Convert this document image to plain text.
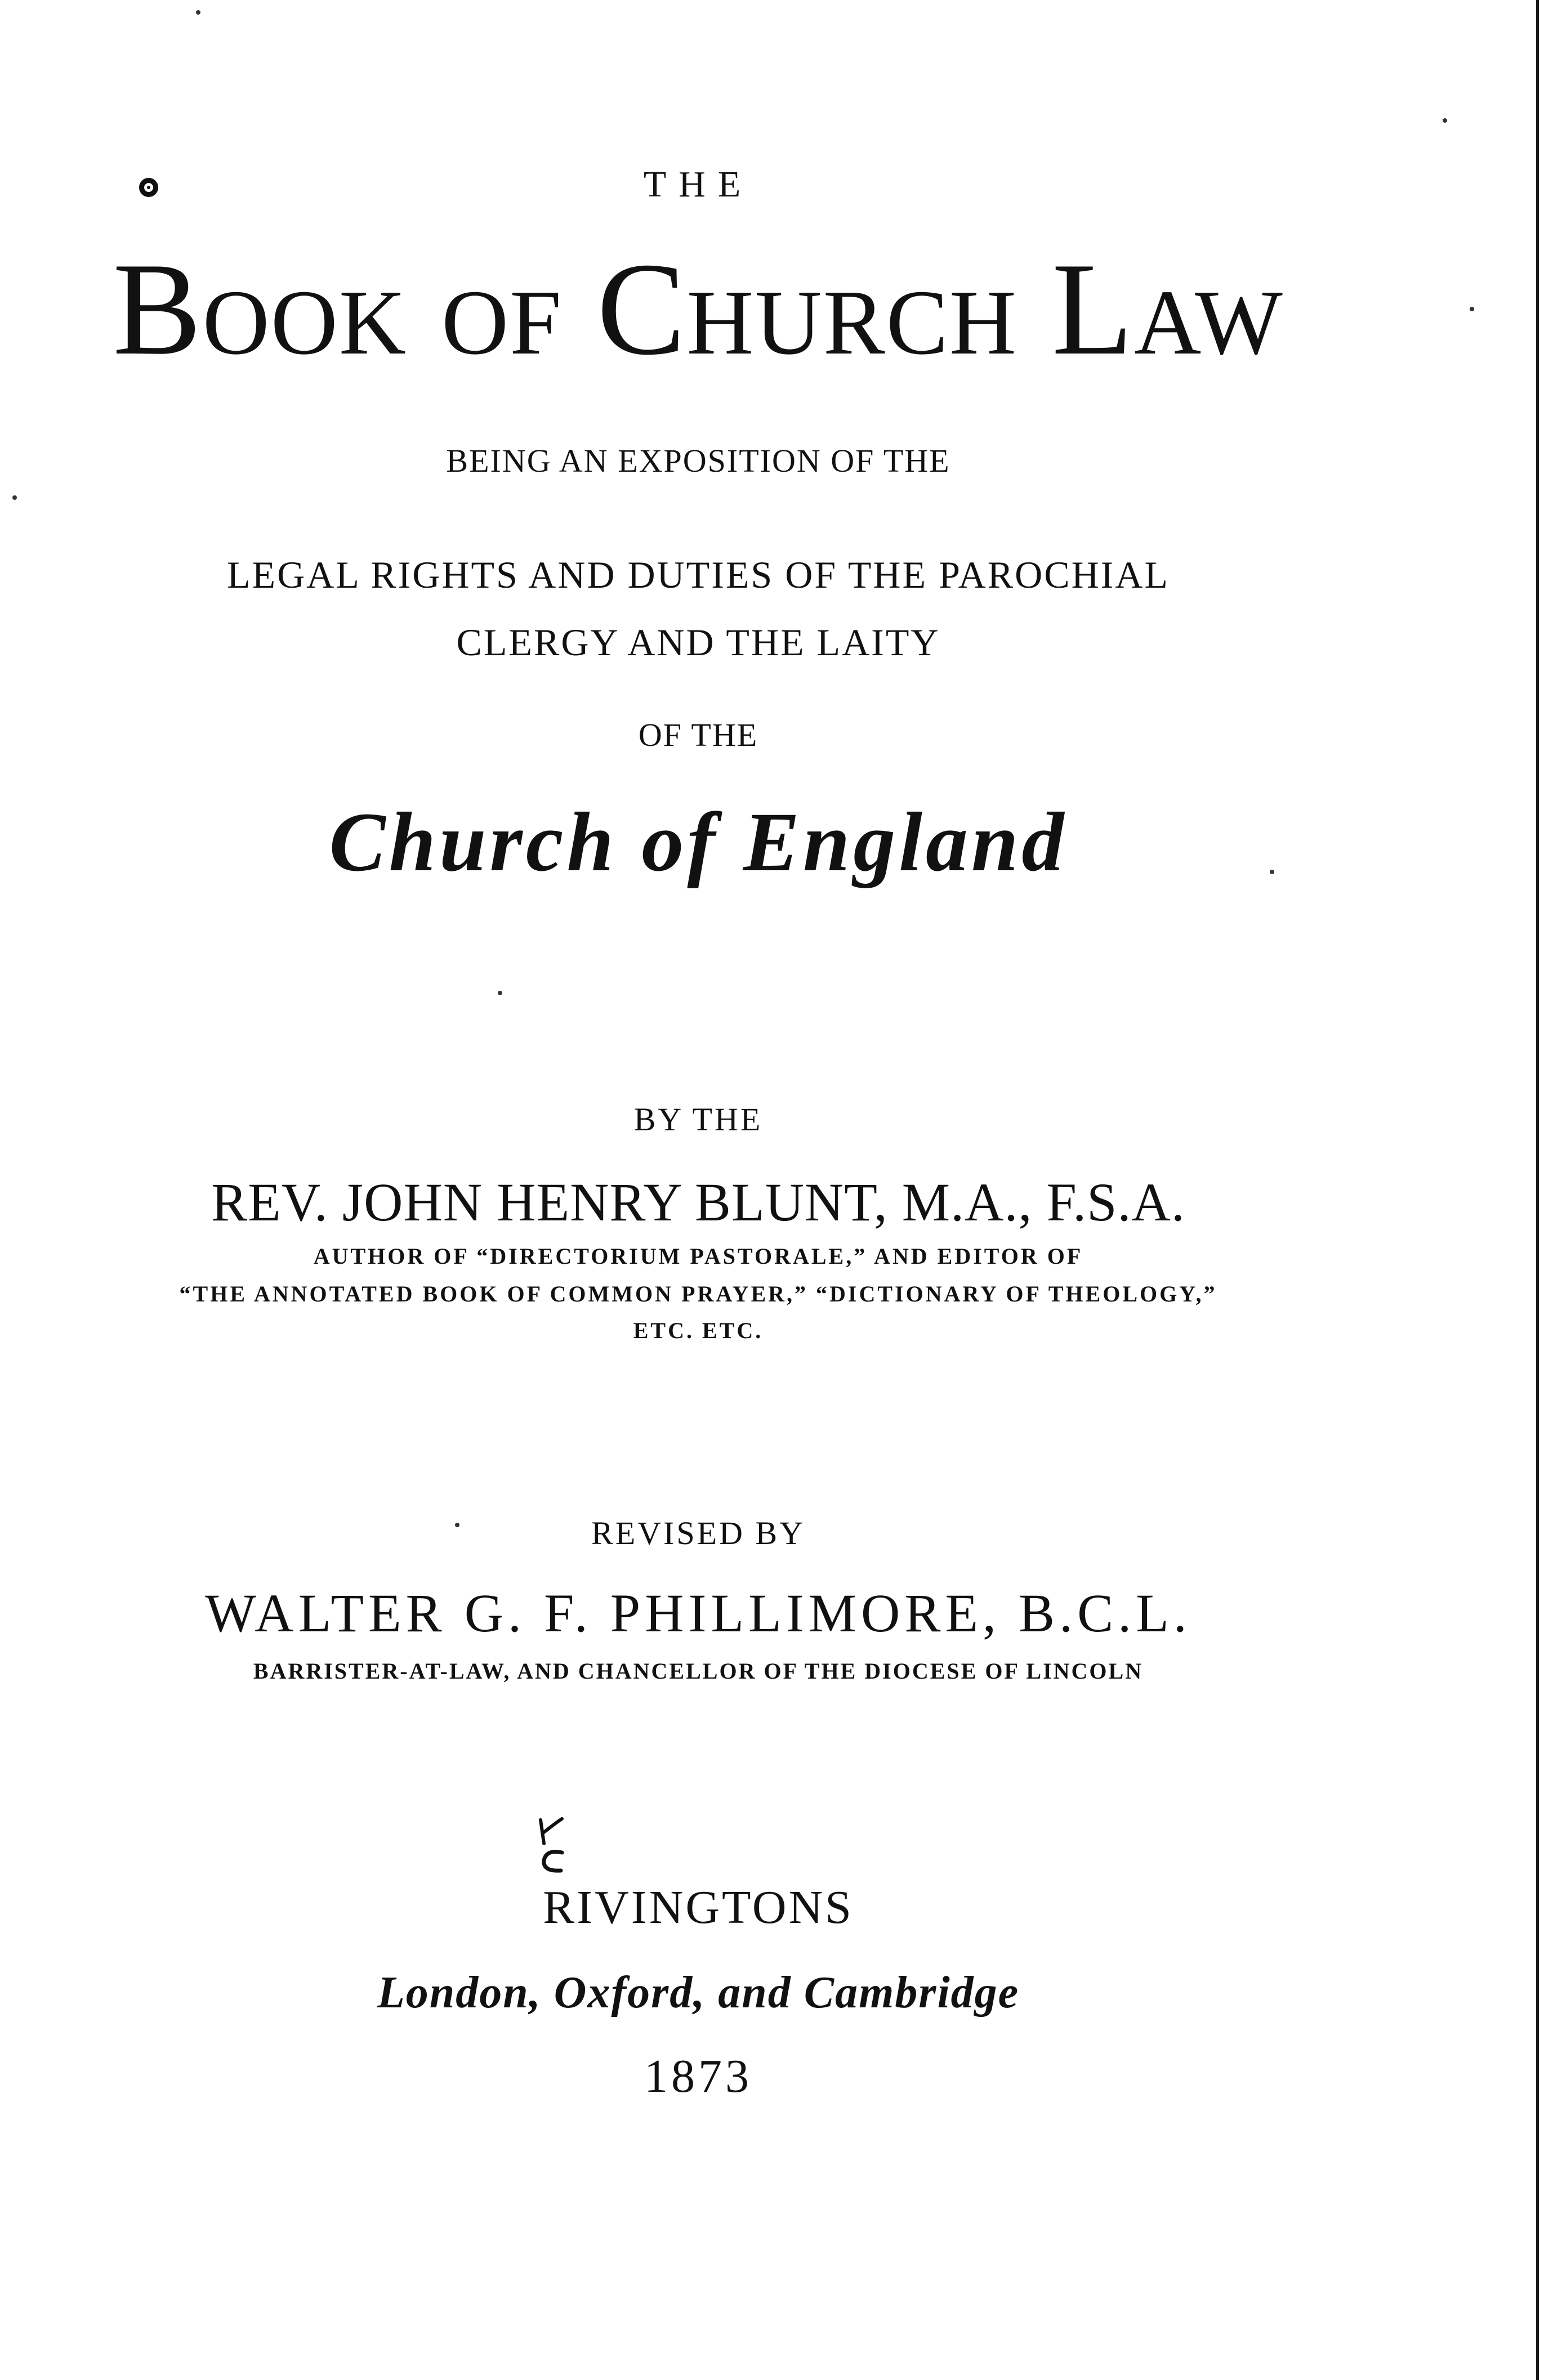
THE
Book of Church Law
BEING AN EXPOSITION OF THE
LEGAL RIGHTS AND DUTIES OF THE PAROCHIAL
CLERGY AND THE LAITY
OF THE
Church of England
BY THE
REV. JOHN HENRY BLUNT, M.A., F.S.A.
AUTHOR OF “DIRECTORIUM PASTORALE,” AND EDITOR OF
“THE ANNOTATED BOOK OF COMMON PRAYER,” “DICTIONARY OF THEOLOGY,”
ETC. ETC.
REVISED BY
WALTER G. F. PHILLIMORE, B.C.L.
BARRISTER-AT-LAW, AND CHANCELLOR OF THE DIOCESE OF LINCOLN
RIVINGTONS
London, Oxford, and Cambridge
1873
